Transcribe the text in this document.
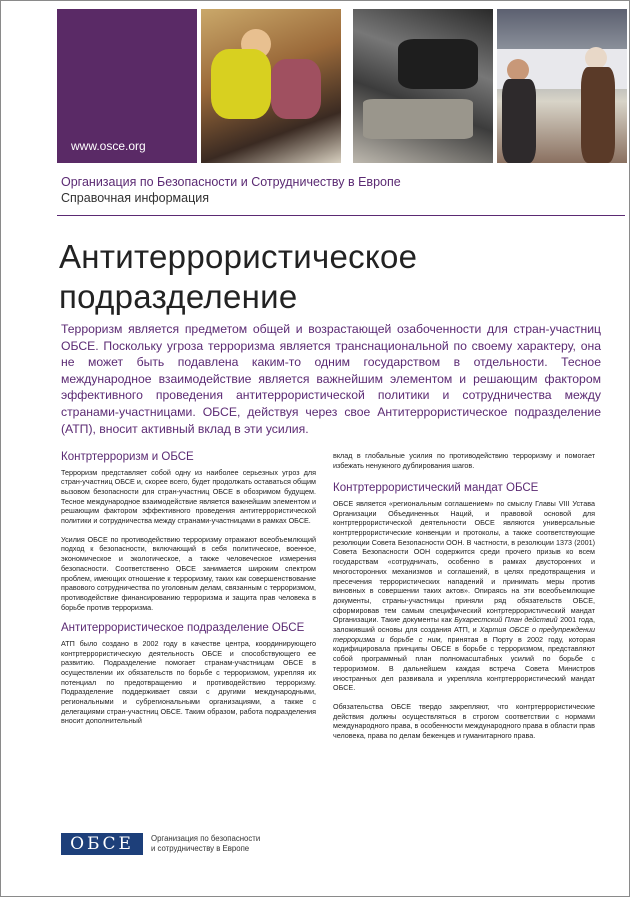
www.osce.org
Организация по Безопасности и Сотрудничеству в Европе
Справочная информация
Антитеррористическое
подразделение
Терроризм является предметом общей и возрастающей озабоченности для стран-участниц ОБСЕ. Поскольку угроза терроризма является транснациональной по своему характеру, она не может быть подавлена каким-то одним государством в отдельности. Тесное международное взаимодействие является важнейшим элементом и решающим фактором эффективного проведения антитеррористической политики и сотрудничества между странами-участницами. ОБСЕ, действуя через свое Антитеррористическое подразделение (АТП), вносит активный вклад в эти усилия.
Контртерроризм и ОБСЕ

Терроризм представляет собой одну из наиболее серьезных угроз для стран-участниц ОБСЕ и, скорее всего, будет продолжать оставаться общим вызовом безопасности для стран-участниц ОБСЕ в обозримом будущем. Тесное международное взаимодействие является важнейшим элементом и решающим фактором эффективного проведения антитеррористической политики и сотрудничества между странами-участницами в рамках ОБСЕ.

Усилия ОБСЕ по противодействию терроризму отражают всеобъемлющий подход к безопасности, включающий в себя политическое, военное, экономическое и экологическое, а также человеческое измерения безопасности. Соответственно ОБСЕ занимается широким спектром проблем, имеющих отношение к терроризму, таких как совершенствование правового сотрудничества по уголовным делам, связанным с терроризмом, противодействие финансированию терроризма и защита прав человека в борьбе против терроризма.

Антитеррористическое подразделение ОБСЕ

АТП было создано в 2002 году в качестве центра, координирующего контртеррористическую деятельность ОБСЕ и способствующего ее развитию. Подразделение помогает странам-участницам ОБСЕ в осуществлении их обязательств по борьбе с терроризмом, укрепляя их потенциал по предотвращению и противодействию терроризму. Подразделение поддерживает связи с другими международными, региональными и субрегиональными организациями, а также с делегациями стран-участниц ОБСЕ. Таким образом, работа подразделения вносит дополнительный

вклад в глобальные усилия по противодействию терроризму и помогает избежать ненужного дублирования шагов.

Контртеррористический мандат ОБСЕ

ОБСЕ является «региональным соглашением» по смыслу Главы VIII Устава Организации Объединенных Наций, и правовой основой для контртеррористической деятельности ОБСЕ являются универсальные контртеррористические конвенции и протоколы, а также соответствующие резолюции Совета Безопасности ООН. В частности, в резолюции 1373 (2001) Совета Безопасности ООН содержится среди прочего призыв ко всем государствам «сотрудничать, особенно в рамках двусторонних и многосторонних механизмов и соглашений, в целях предотвращения и пресечения террористических нападений и принимать меры против виновных в совершении таких актов». Опираясь на эти всеобъемлющие документы, страны-участницы приняли ряд обязательств ОБСЕ, сформировав тем самым специфический контртеррористический мандат Организации. Такие документы как Бухарестский План действий 2001 года, заложивший основы для создания АТП, и Хартия ОБСЕ о предупреждении терроризма и борьбе с ним, принятая в Порту в 2002 году, которая кодифицировала принципы ОБСЕ в борьбе с терроризмом, представляют собой программный план полномасштабных усилий по борьбе с терроризмом. В дальнейшем каждая встреча Совета Министров иностранных дел развивала и укрепляла контртеррористический мандат ОБСЕ.

Обязательства ОБСЕ твердо закрепляют, что контртеррористические действия должны осуществляться в строгом соответствии с нормами международного права, в особенности международного права в области прав человека, права по делам беженцев и гуманитарного права.

ОБСЕ	Организация по безопасности
и сотрудничеству в Европе
